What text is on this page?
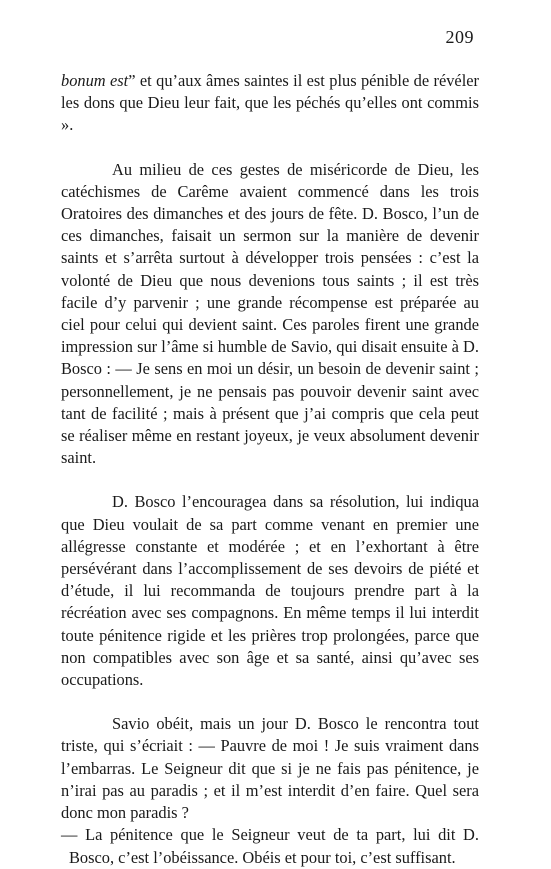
209

bonum est” et qu’aux âmes saintes il est plus pénible de révéler les dons que Dieu leur fait, que les péchés qu’elles ont commis ».

Au milieu de ces gestes de miséricorde de Dieu, les catéchismes de Carême avaient commencé dans les trois Oratoires des dimanches et des jours de fête. D. Bosco, l’un de ces dimanches, faisait un sermon sur la manière de devenir saints et s’arrêta surtout à développer trois pensées : c’est la volonté de Dieu que nous devenions tous saints ; il est très facile d’y parvenir ; une grande récompense est préparée au ciel pour celui qui devient saint. Ces paroles firent une grande impression sur l’âme si humble de Savio, qui disait ensuite à D. Bosco : — Je sens en moi un désir, un besoin de devenir saint ; personnellement, je ne pensais pas pouvoir devenir saint avec tant de facilité ; mais à présent que j’ai compris que cela peut se réaliser même en restant joyeux, je veux absolument devenir saint.

D. Bosco l’encouragea dans sa résolution, lui indiqua que Dieu voulait de sa part comme venant en premier une allégresse constante et modérée ; et en l’exhortant à être persévérant dans l’accomplissement de ses devoirs de piété et d’étude, il lui recommanda de toujours prendre part à la récréation avec ses compagnons. En même temps il lui interdit toute pénitence rigide et les prières trop prolongées, parce que non compatibles avec son âge et sa santé, ainsi qu’avec ses occupations.

Savio obéit, mais un jour D. Bosco le rencontra tout triste, qui s’écriait : — Pauvre de moi ! Je suis vraiment dans l’embarras. Le Seigneur dit que si je ne fais pas pénitence, je n’irai pas au paradis ; et il m’est interdit d’en faire. Quel sera donc mon paradis ?

— La pénitence que le Seigneur veut de ta part, lui dit D. Bosco, c’est l’obéissance. Obéis et pour toi, c’est suffisant.
